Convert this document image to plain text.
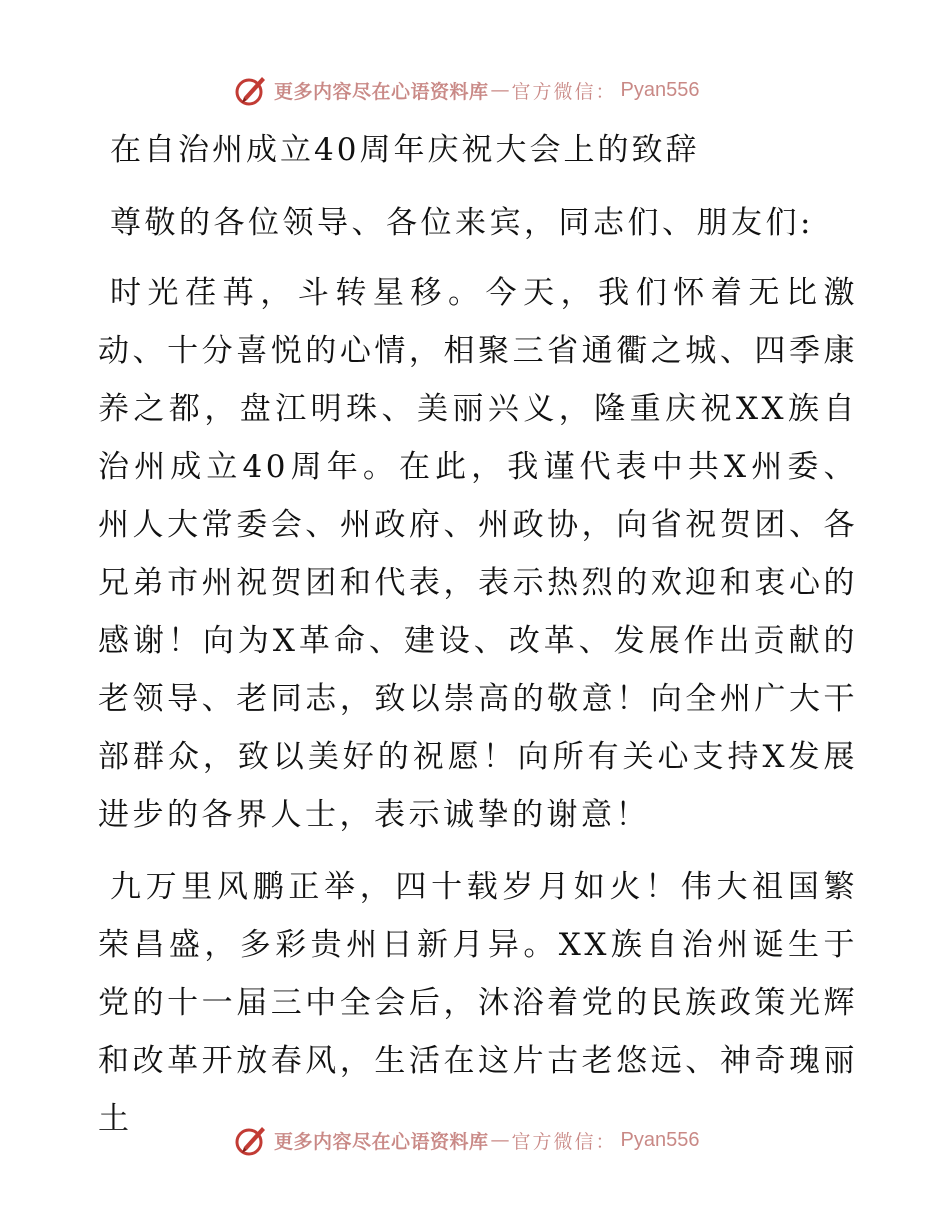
更多内容尽在心语资料库 — 官方微信： Pyan556
在自治州成立40周年庆祝大会上的致辞

尊敬的各位领导、各位来宾，同志们、朋友们:

时光荏苒，斗转星移。今天，我们怀着无比激动、十分喜悦的心情，相聚三省通衢之城、四季康养之都，盘江明珠、美丽兴义，隆重庆祝XX族自治州成立40周年。在此，我谨代表中共X州委、州人大常委会、州政府、州政协，向省祝贺团、各兄弟市州祝贺团和代表，表示热烈的欢迎和衷心的感谢！向为X革命、建设、改革、发展作出贡献的老领导、老同志，致以崇高的敬意！向全州广大干部群众，致以美好的祝愿！向所有关心支持X发展进步的各界人士，表示诚挚的谢意！

九万里风鹏正举，四十载岁月如火！伟大祖国繁荣昌盛，多彩贵州日新月异。XX族自治州诞生于党的十一届三中全会后，沐浴着党的民族政策光辉和改革开放春风，生活在这片古老悠远、神奇瑰丽土

更多内容尽在心语资料库 — 官方微信： Pyan556
